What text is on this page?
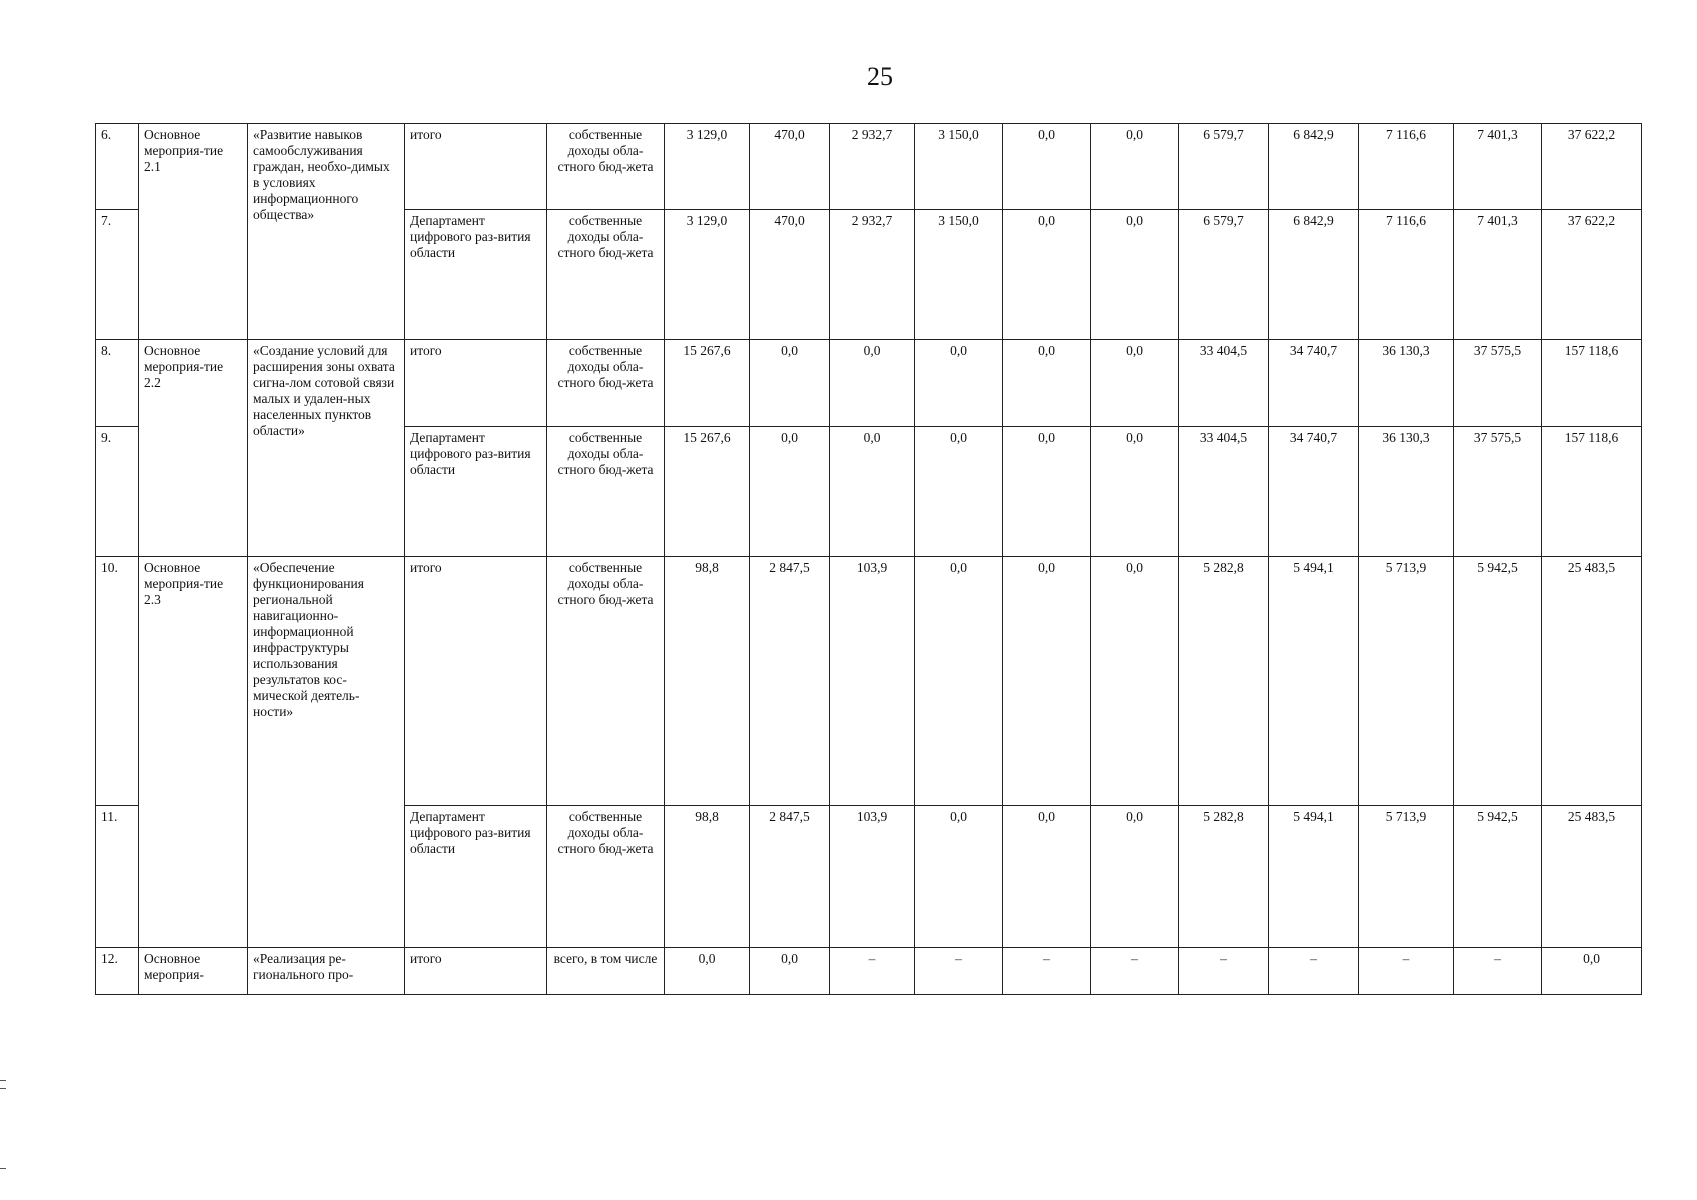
25
6.	Основное мероприя-тие 2.1	«Развитие навыков самообслуживания граждан, необхо-димых в условиях информационного общества»	итого	собственные доходы обла-стного бюд-жета	3 129,0	470,0	2 932,7	3 150,0	0,0	0,0	6 579,7	6 842,9	7 116,6	7 401,3	37 622,2
7.			Департамент цифрового раз-вития области	собственные доходы обла-стного бюд-жета	3 129,0	470,0	2 932,7	3 150,0	0,0	0,0	6 579,7	6 842,9	7 116,6	7 401,3	37 622,2
8.	Основное мероприя-тие 2.2	«Создание условий для расширения зоны охвата сигна-лом сотовой связи малых и удален-ных населенных пунктов области»	итого	собственные доходы обла-стного бюд-жета	15 267,6	0,0	0,0	0,0	0,0	0,0	33 404,5	34 740,7	36 130,3	37 575,5	157 118,6
9.			Департамент цифрового раз-вития области	собственные доходы обла-стного бюд-жета	15 267,6	0,0	0,0	0,0	0,0	0,0	33 404,5	34 740,7	36 130,3	37 575,5	157 118,6
10.	Основное мероприя-тие 2.3	«Обеспечение функционирования региональной навигационно-информационной инфраструктуры использования результатов кос-мической деятель-ности»	итого	собственные доходы обла-стного бюд-жета	98,8	2 847,5	103,9	0,0	0,0	0,0	5 282,8	5 494,1	5 713,9	5 942,5	25 483,5
11.			Департамент цифрового раз-вития области	собственные доходы обла-стного бюд-жета	98,8	2 847,5	103,9	0,0	0,0	0,0	5 282,8	5 494,1	5 713,9	5 942,5	25 483,5
12.	Основное мероприя-	«Реализация ре-гионального про-	итого	всего, в том числе	0,0	0,0	–	–	–	–	–	–	–	–	0,0
